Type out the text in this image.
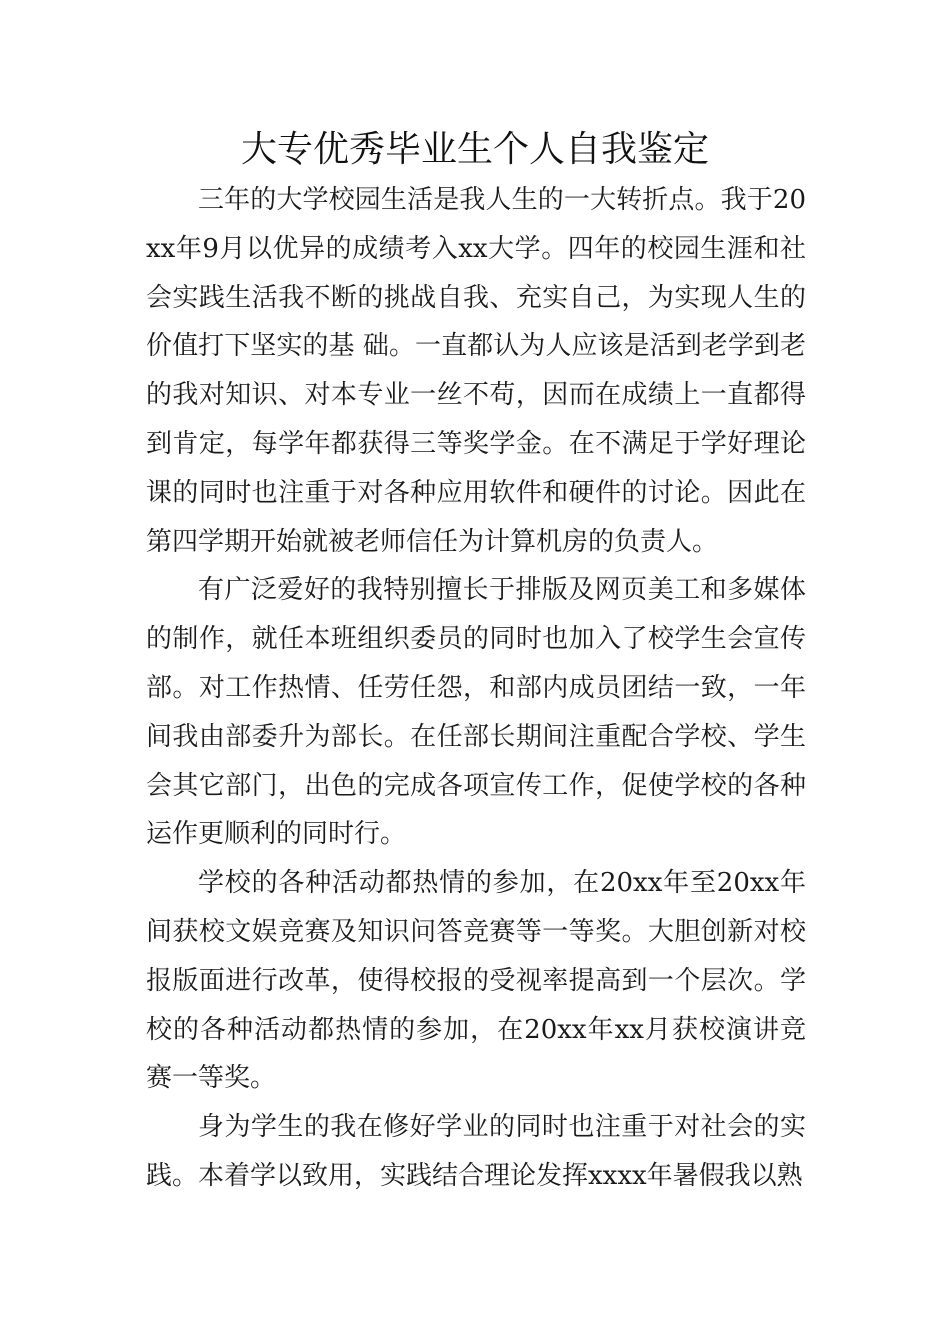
大专优秀毕业生个人自我鉴定

三年的大学校园生活是我人生的一大转折点。我于20xx年9月以优异的成绩考入xx大学。四年的校园生涯和社会实践生活我不断的挑战自我、充实自己，为实现人生的价值打下坚实的基 础。一直都认为人应该是活到老学到老的我对知识、对本专业一丝不苟，因而在成绩上一直都得到肯定，每学年都获得三等奖学金。在不满足于学好理论课的同时也注重于对各种应用软件和硬件的讨论。因此在第四学期开始就被老师信任为计算机房的负责人。

有广泛爱好的我特别擅长于排版及网页美工和多媒体的制作，就任本班组织委员的同时也加入了校学生会宣传部。对工作热情、任劳任怨，和部内成员团结一致，一年间我由部委升为部长。在任部长期间注重配合学校、学生会其它部门，出色的完成各项宣传工作，促使学校的各种运作更顺利的同时行。

学校的各种活动都热情的参加，在20xx年至20xx年间获校文娱竞赛及知识问答竞赛等一等奖。大胆创新对校报版面进行改革，使得校报的受视率提高到一个层次。学校的各种活动都热情的参加，在20xx年xx月获校演讲竞赛一等奖。

身为学生的我在修好学业的同时也注重于对社会的实践。本着学以致用，实践结合理论发挥xxxx年暑假我以熟
